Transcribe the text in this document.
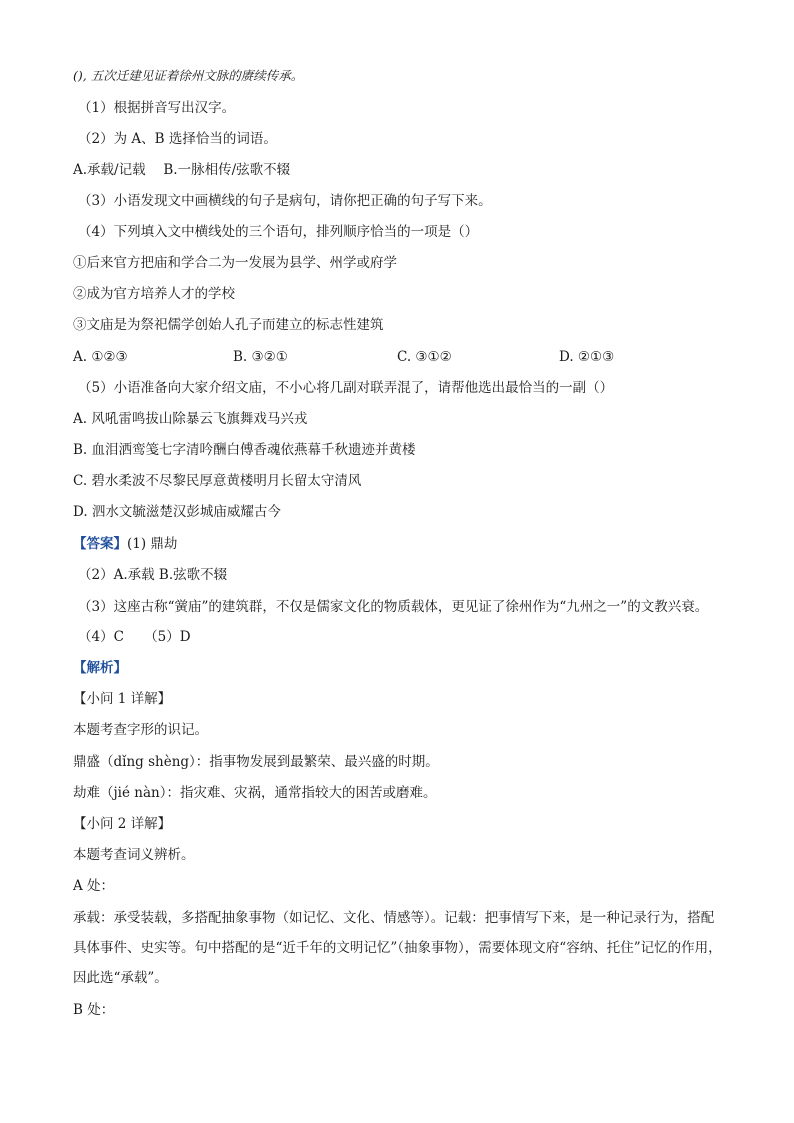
(), 五次迁建见证着徐州文脉的赓续传承。
（1）根据拼音写出汉字。
（2）为 A、B 选择恰当的词语。
A.承载/记载　 B.一脉相传/弦歌不辍
（3）小语发现文中画横线的句子是病句，请你把正确的句子写下来。
（4）下列填入文中横线处的三个语句，排列顺序恰当的一项是（）
①后来官方把庙和学合二为一发展为县学、州学或府学
②成为官方培养人才的学校
③文庙是为祭祀儒学创始人孔子而建立的标志性建筑
A. ①②③	B. ③②①	C. ③①②	D. ②①③
（5）小语准备向大家介绍文庙，不小心将几副对联弄混了，请帮他选出最恰当的一副（）
A. 风吼雷鸣拔山除暴云飞旗舞戏马兴戎
B. 血泪洒鸾笺七字清吟酬白傅香魂依燕幕千秋遗迹并黄楼
C. 碧水柔波不尽黎民厚意黄楼明月长留太守清风
D. 泗水文毓滋楚汉彭城庙威耀古今
【答案】(1) 鼎劫
（2）A.承载 B.弦歌不辍
（3）这座古称“黉庙”的建筑群，不仅是儒家文化的物质载体，更见证了徐州作为“九州之一”的文教兴衰。　　（4）C　　（5）D
【解析】
【小问 1 详解】
本题考查字形的识记。
鼎盛（dǐng shèng）：指事物发展到最繁荣、最兴盛的时期。
劫难（jié nàn）：指灾难、灾祸，通常指较大的困苦或磨难。
【小问 2 详解】
本题考查词义辨析。
A 处：
承载：承受装载，多搭配抽象事物（如记忆、文化、情感等）。记载：把事情写下来，是一种记录行为，搭配具体事件、史实等。句中搭配的是“近千年的文明记忆”（抽象事物），需要体现文府“容纳、托住”记忆的作用，因此选“承载”。
B 处：
